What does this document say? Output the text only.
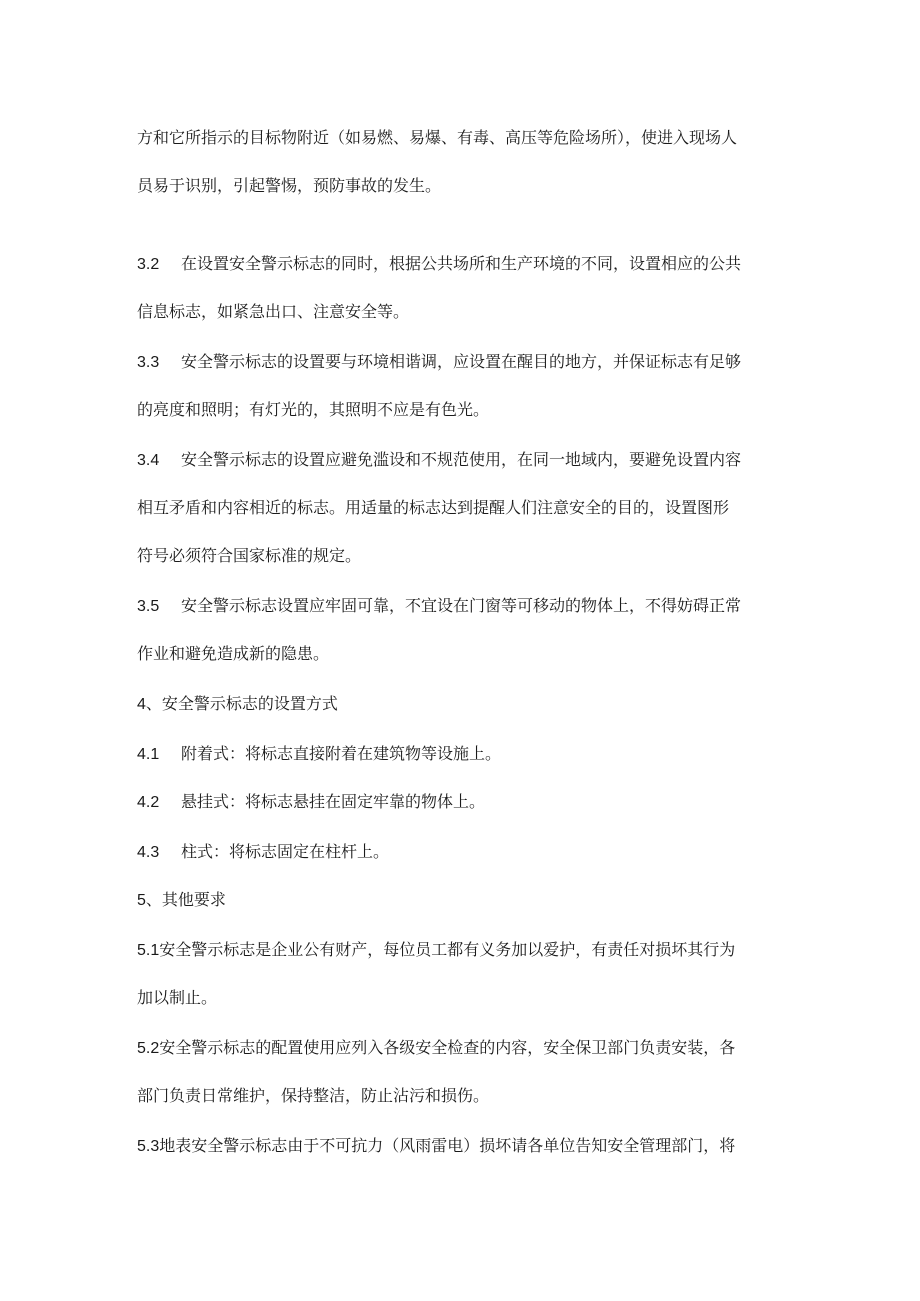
方和它所指示的目标物附近（如易燃、易爆、有毒、高压等危险场所），使进入现场人
员易于识别，引起警惕，预防事故的发生。
3.2 在设置安全警示标志的同时，根据公共场所和生产环境的不同，设置相应的公共
信息标志，如紧急出口、注意安全等。
3.3 安全警示标志的设置要与环境相谐调，应设置在醒目的地方，并保证标志有足够
的亮度和照明；有灯光的，其照明不应是有色光。
3.4 安全警示标志的设置应避免滥设和不规范使用，在同一地域内，要避免设置内容
相互矛盾和内容相近的标志。用适量的标志达到提醒人们注意安全的目的，设置图形
符号必须符合国家标准的规定。
3.5 安全警示标志设置应牢固可靠，不宜设在门窗等可移动的物体上，不得妨碍正常
作业和避免造成新的隐患。
4、安全警示标志的设置方式
4.1 附着式：将标志直接附着在建筑物等设施上。
4.2 悬挂式：将标志悬挂在固定牢靠的物体上。
4.3 柱式：将标志固定在柱杆上。
5、其他要求
5.1安全警示标志是企业公有财产，每位员工都有义务加以爱护，有责任对损坏其行为
加以制止。
5.2安全警示标志的配置使用应列入各级安全检查的内容，安全保卫部门负责安装，各
部门负责日常维护，保持整洁，防止沾污和损伤。
5.3地表安全警示标志由于不可抗力（风雨雷电）损坏请各单位告知安全管理部门，将
